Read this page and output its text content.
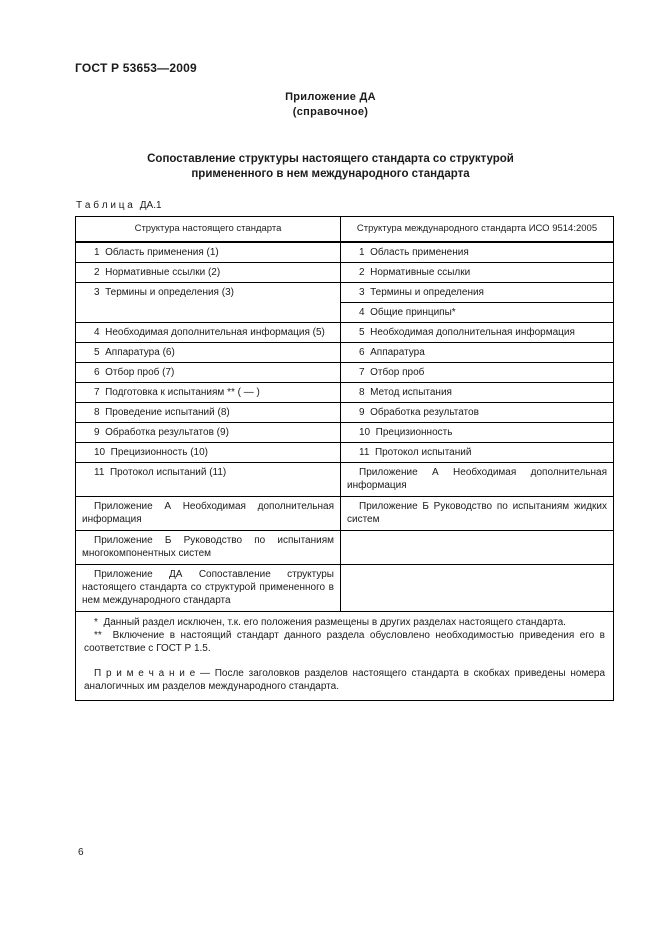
ГОСТ Р 53653—2009
Приложение ДА
(справочное)
Сопоставление структуры настоящего стандарта со структурой
примененного в нем международного стандарта
Т а б л и ц а ДА.1
Структура настоящего стандарта	Структура международного стандарта ИСО 9514:2005
1  Область применения (1)	1  Область применения
2  Нормативные ссылки (2)	2  Нормативные ссылки
3  Термины и определения (3)	3  Термины и определения
	4  Общие принципы*
4  Необходимая дополнительная информация (5)	5  Необходимая дополнительная информация
5  Аппаратура (6)	6  Аппаратура
6  Отбор проб (7)	7  Отбор проб
7  Подготовка к испытаниям ** ( — )	8  Метод испытания
8  Проведение испытаний (8)	9  Обработка результатов
9  Обработка результатов (9)	10  Прецизионность
10  Прецизионность (10)	11  Протокол испытаний
11  Протокол испытаний (11)	Приложение А Необходимая дополнительная информация
Приложение А Необходимая дополнительная информация	Приложение Б Руководство по испытаниям жидких систем
Приложение Б Руководство по испытаниям многокомпонентных систем	
Приложение ДА Сопоставление структуры настоящего стандарта со структурой примененного в нем международного стандарта	

*  Данный раздел исключен, т.к. его положения размещены в других разделах настоящего стандарта.
**  Включение в настоящий стандарт данного раздела обусловлено необходимостью приведения его в соответствие с ГОСТ Р 1.5.
П р и м е ч а н и е — После заголовков разделов настоящего стандарта в скобках приведены номера аналогичных им разделов международного стандарта.	
6
